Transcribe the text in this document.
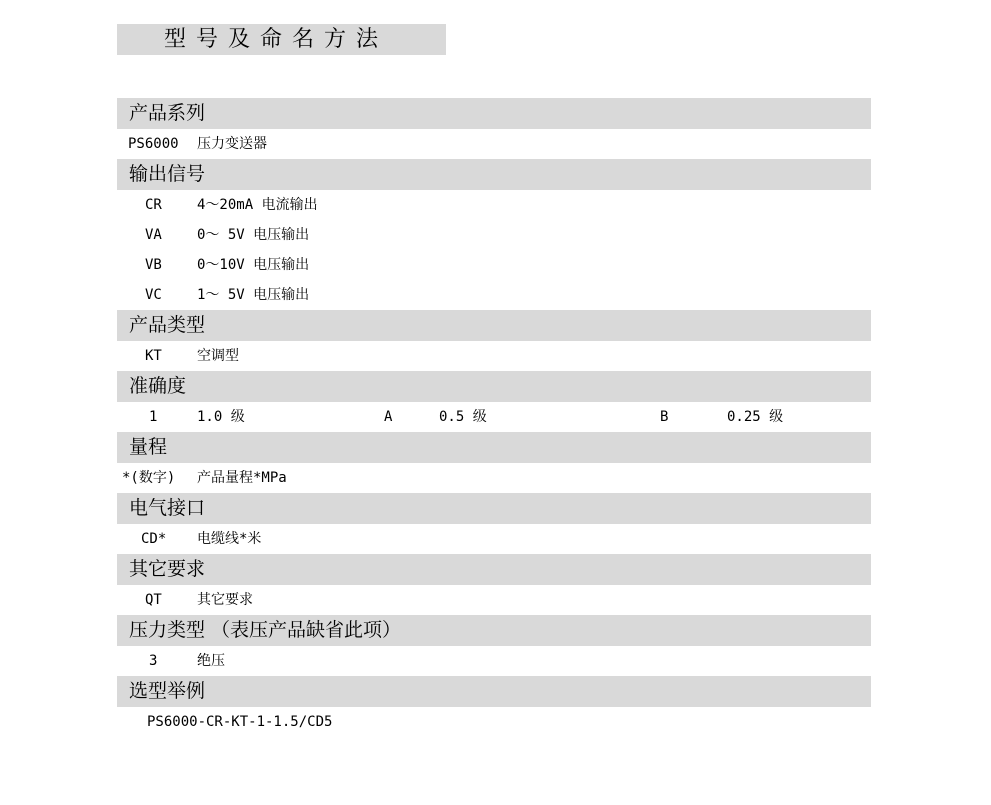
型号及命名方法
产品系列
PS6000 压力变送器
输出信号
CR	4～20mA 电流输出
VA	0～ 5V 电压输出
VB	0～10V 电压输出
VC	1～ 5V 电压输出
产品类型
KT	空调型
准确度
1	1.0 级	A	0.5 级	B	0.25 级
量程
*(数字) 产品量程*MPa
电气接口
CD* 电缆线*米
其它要求
QT	其它要求
压力类型 （表压产品缺省此项）
3	绝压
选型举例
PS6000-CR-KT-1-1.5/CD5
